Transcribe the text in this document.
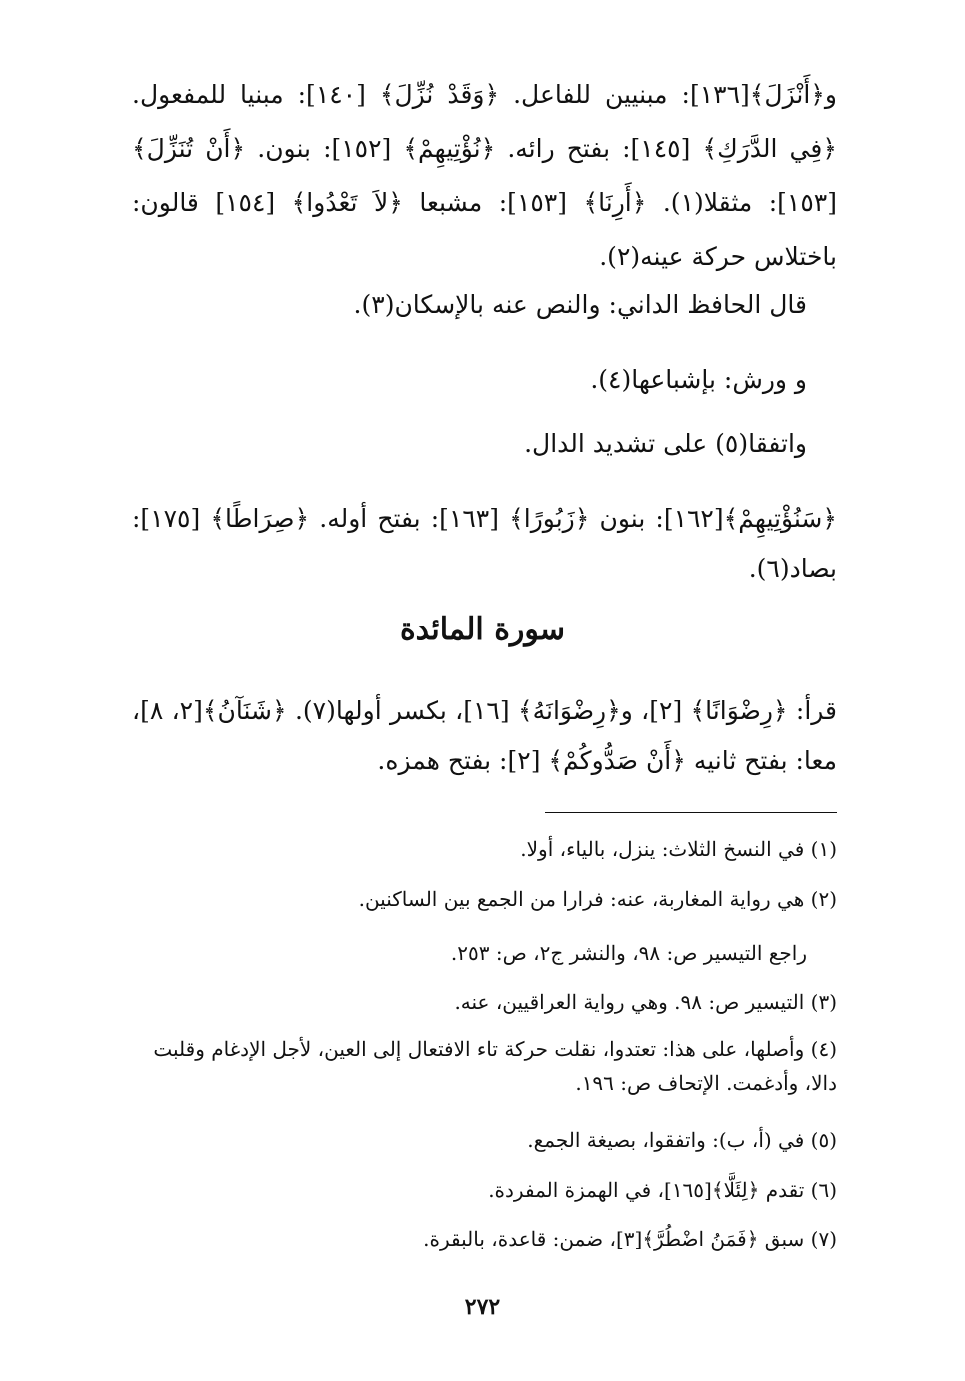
و﴿أَنْزَلَ﴾[١٣٦]: مبنيين للفاعل. ﴿وَقَدْ نُزِّلَ﴾ [١٤٠]: مبنيا للمفعول. ﴿فِي الدَّرَكِ﴾ [١٤٥]: بفتح رائه. ﴿نُؤْتِيهِمْ﴾ [١٥٢]: بنون. ﴿أَنْ تُنَزِّلَ﴾ [١٥٣]: مثقلا(١). ﴿أَرِنَا﴾ [١٥٣]: مشبعا ﴿لاَ تَعْدُوا﴾ [١٥٤] قالون: باختلاس حركة عينه(٢).
قال الحافظ الداني: والنص عنه بالإسكان(٣).
و ورش: بإشباعها(٤).
واتفقا(٥) على تشديد الدال.
﴿سَنُؤْتِيهِمْ﴾[١٦٢]: بنون ﴿زَبُورًا﴾ [١٦٣]: بفتح أوله. ﴿صِرَاطًا﴾ [١٧٥]: بصاد(٦).
سورة المائدة
قرأ: ﴿رِضْوَانًا﴾ [٢]، و﴿رِضْوَانَهُ﴾ [١٦]، بكسر أولها(٧). ﴿شَنَآنُ﴾[٢، ٨]، معا: بفتح ثانيه ﴿أَنْ صَدُّوكُمْ﴾ [٢]: بفتح همزه.
(١) في النسخ الثلاث: ينزل، بالياء، أولا.
(٢) هي رواية المغاربة، عنه: فرارا من الجمع بين الساكنين.
راجع التيسير ص: ٩٨، والنشر ج٢، ص: ٢٥٣.
(٣) التيسير ص: ٩٨. وهي رواية العراقيين، عنه.
(٤) وأصلها، على هذا: تعتدوا، نقلت حركة تاء الافتعال إلى العين، لأجل الإدغام وقلبت دالا، وأدغمت. الإتحاف ص: ١٩٦.
(٥) في (أ، ب): واتفقوا، بصيغة الجمع.
(٦) تقدم ﴿لِئَلَّا﴾[١٦٥]، في الهمزة المفردة.
(٧) سبق ﴿فَمَنُ اضْطُرَّ﴾[٣]، ضمن: قاعدة، بالبقرة.
٢٧٢
